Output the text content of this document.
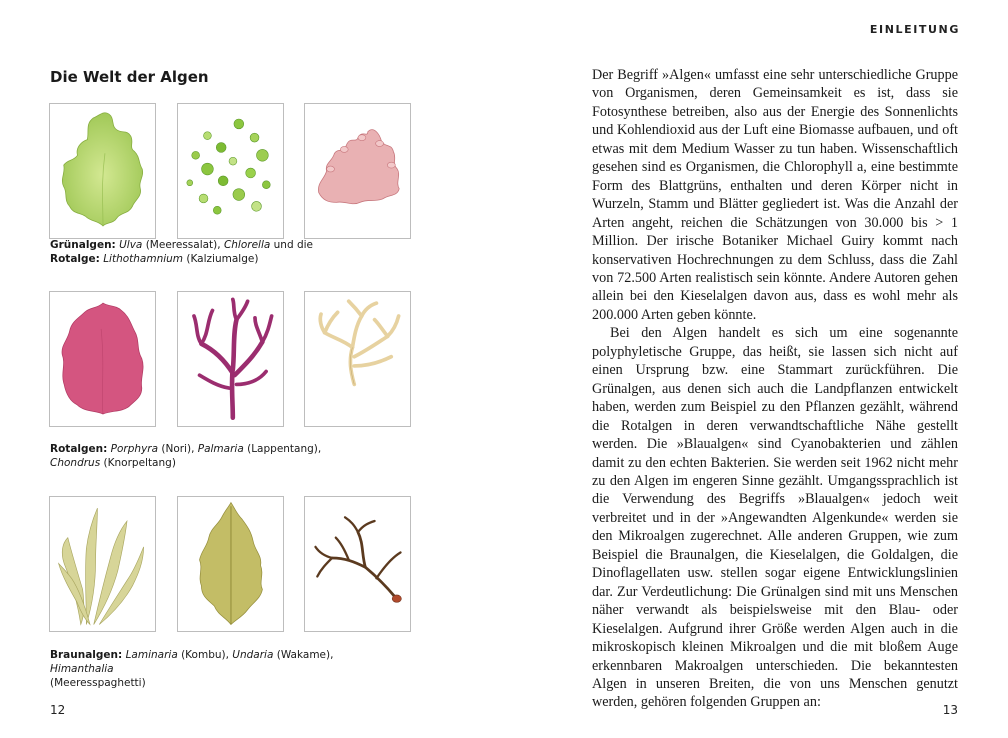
EINLEITUNG
Die Welt der Algen
Grünalgen: Ulva (Meeressalat), Chlorella und die
Rotalge: Lithothamnium (Kalziumalge)
Rotalgen: Porphyra (Nori), Palmaria (Lappentang),
Chondrus (Knorpeltang)
Braunalgen: Laminaria (Kombu), Undaria (Wakame), Himanthalia
(Meeresspaghetti)
12

Der Begriff »Algen« umfasst eine sehr unterschiedliche Gruppe von Organismen, deren Gemeinsamkeit es ist, dass sie Fotosynthese betreiben, also aus der Energie des Sonnenlichts und Kohlendioxid aus der Luft eine Biomasse aufbauen, und oft etwas mit dem Medium Wasser zu tun haben. Wissenschaftlich gesehen sind es Organismen, die Chlorophyll a, eine bestimmte Form des Blattgrüns, enthalten und deren Körper nicht in Wurzeln, Stamm und Blätter gegliedert ist. Was die Anzahl der Arten angeht, reichen die Schätzungen von 30.000 bis > 1 Million. Der irische Botaniker Michael Guiry kommt nach konservativen Hochrechnungen zu dem Schluss, dass die Zahl von 72.500 Arten realistisch sein könnte. Andere Autoren gehen allein bei den Kieselalgen davon aus, dass es wohl mehr als 200.000 Arten geben könnte.

Bei den Algen handelt es sich um eine sogenannte polyphyletische Gruppe, das heißt, sie lassen sich nicht auf einen Ursprung bzw. eine Stammart zurückführen. Die Grünalgen, aus denen sich auch die Landpflanzen entwickelt haben, werden zum Beispiel zu den Pflanzen gezählt, während die Rotalgen in deren verwandtschaftliche Nähe gestellt werden. Die »Blaualgen« sind Cyanobakterien und zählen damit zu den echten Bakterien. Sie werden seit 1962 nicht mehr zu den Algen im engeren Sinne gezählt. Umgangssprachlich ist die Verwendung des Begriffs »Blaualgen« jedoch weit verbreitet und in der »Angewandten Algenkunde« werden sie den Mikroalgen zugerechnet. Alle anderen Gruppen, wie zum Beispiel die Braunalgen, die Kieselalgen, die Goldalgen, die Dinoflagellaten usw. stellen sogar eigene Entwicklungslinien dar. Zur Verdeutlichung: Die Grünalgen sind mit uns Menschen näher verwandt als beispielsweise mit den Blau- oder Kieselalgen. Aufgrund ihrer Größe werden Algen auch in die mikroskopisch kleinen Mikroalgen und die mit bloßem Auge erkennbaren Makroalgen unterschieden. Die bekanntesten Algen in unseren Breiten, die von uns Menschen genutzt werden, gehören folgenden Gruppen an:	13
